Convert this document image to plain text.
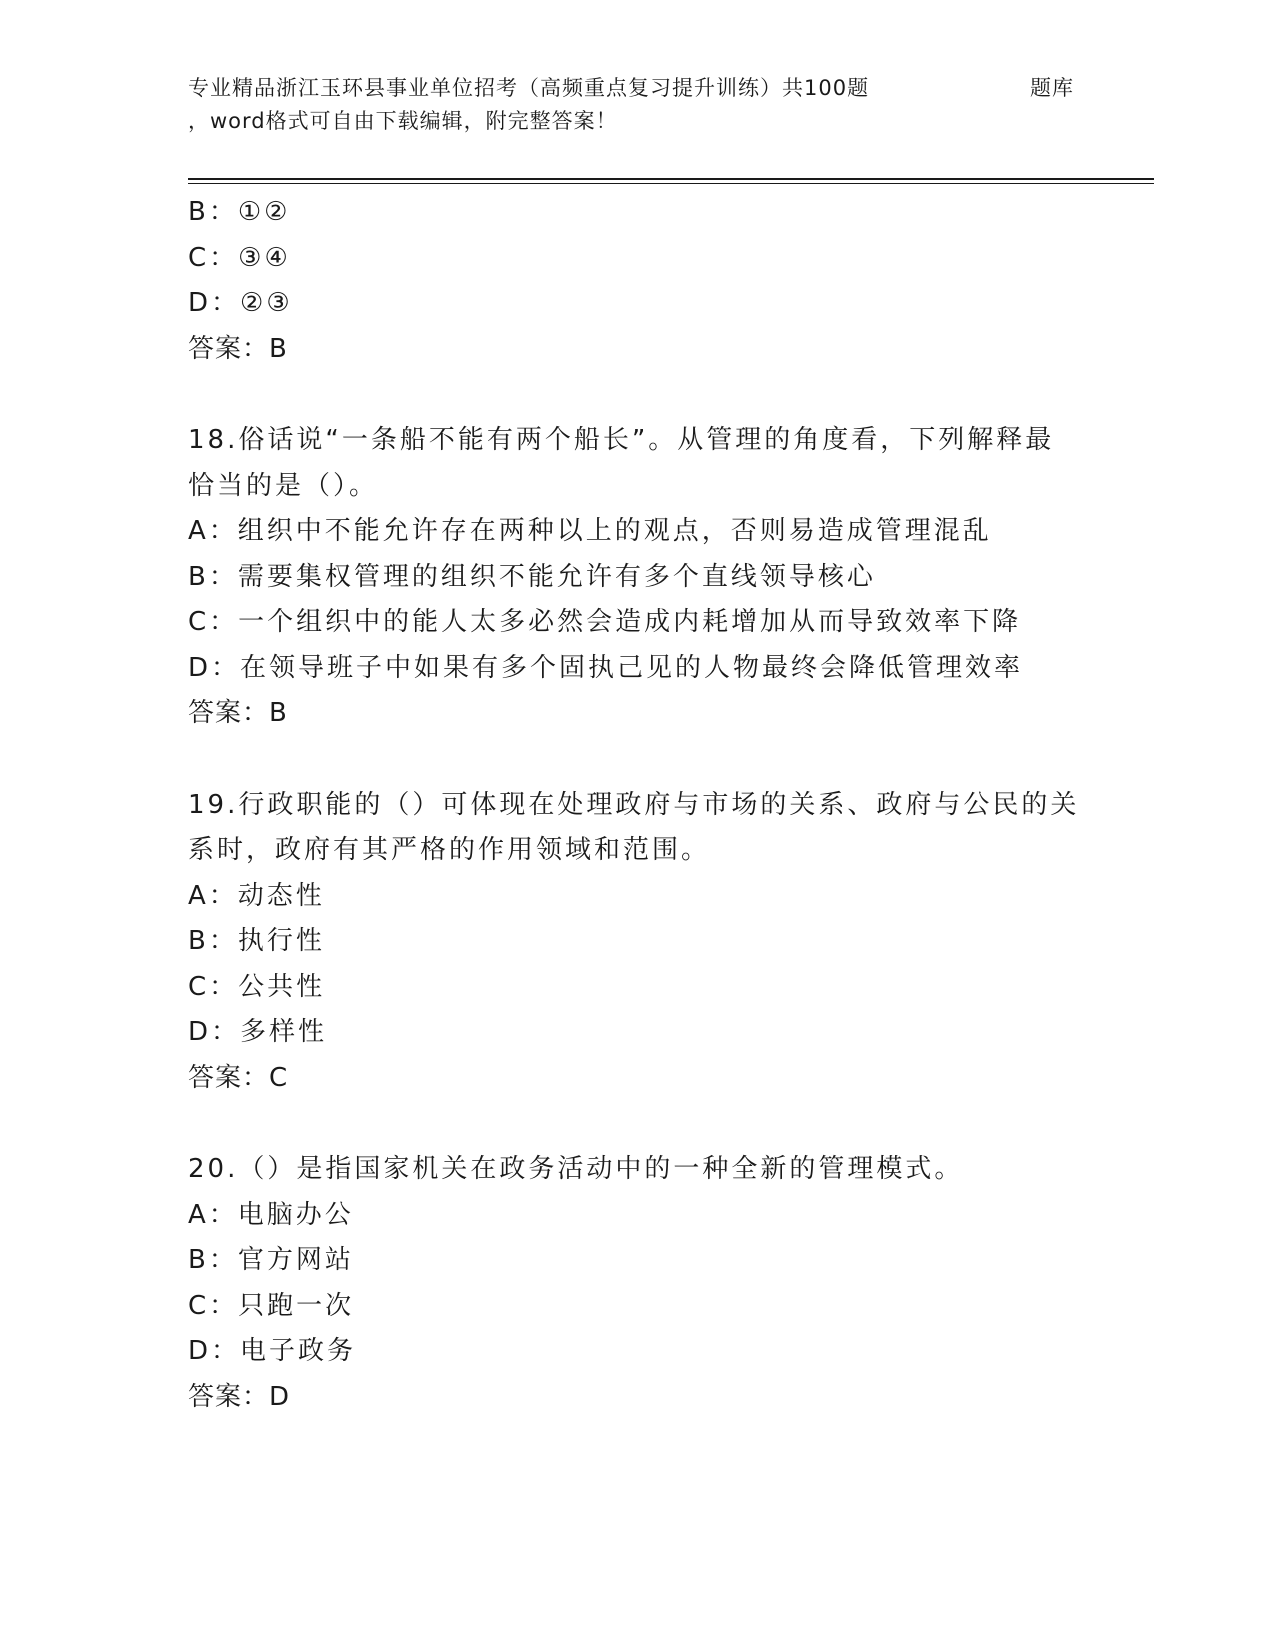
专业精品浙江玉环县事业单位招考（高频重点复习提升训练）共100题	题库
，word格式可自由下载编辑，附完整答案！
B：①②
C：③④
D：②③
答案：B
18.俗话说“一条船不能有两个船长”。从管理的角度看，下列解释最
恰当的是（）。
A：组织中不能允许存在两种以上的观点，否则易造成管理混乱
B：需要集权管理的组织不能允许有多个直线领导核心
C：一个组织中的能人太多必然会造成内耗增加从而导致效率下降
D：在领导班子中如果有多个固执己见的人物最终会降低管理效率
答案：B
19.行政职能的（）可体现在处理政府与市场的关系、政府与公民的关
系时，政府有其严格的作用领域和范围。
A：动态性
B：执行性
C：公共性
D：多样性
答案：C
20.（）是指国家机关在政务活动中的一种全新的管理模式。
A：电脑办公
B：官方网站
C：只跑一次
D：电子政务
答案：D
